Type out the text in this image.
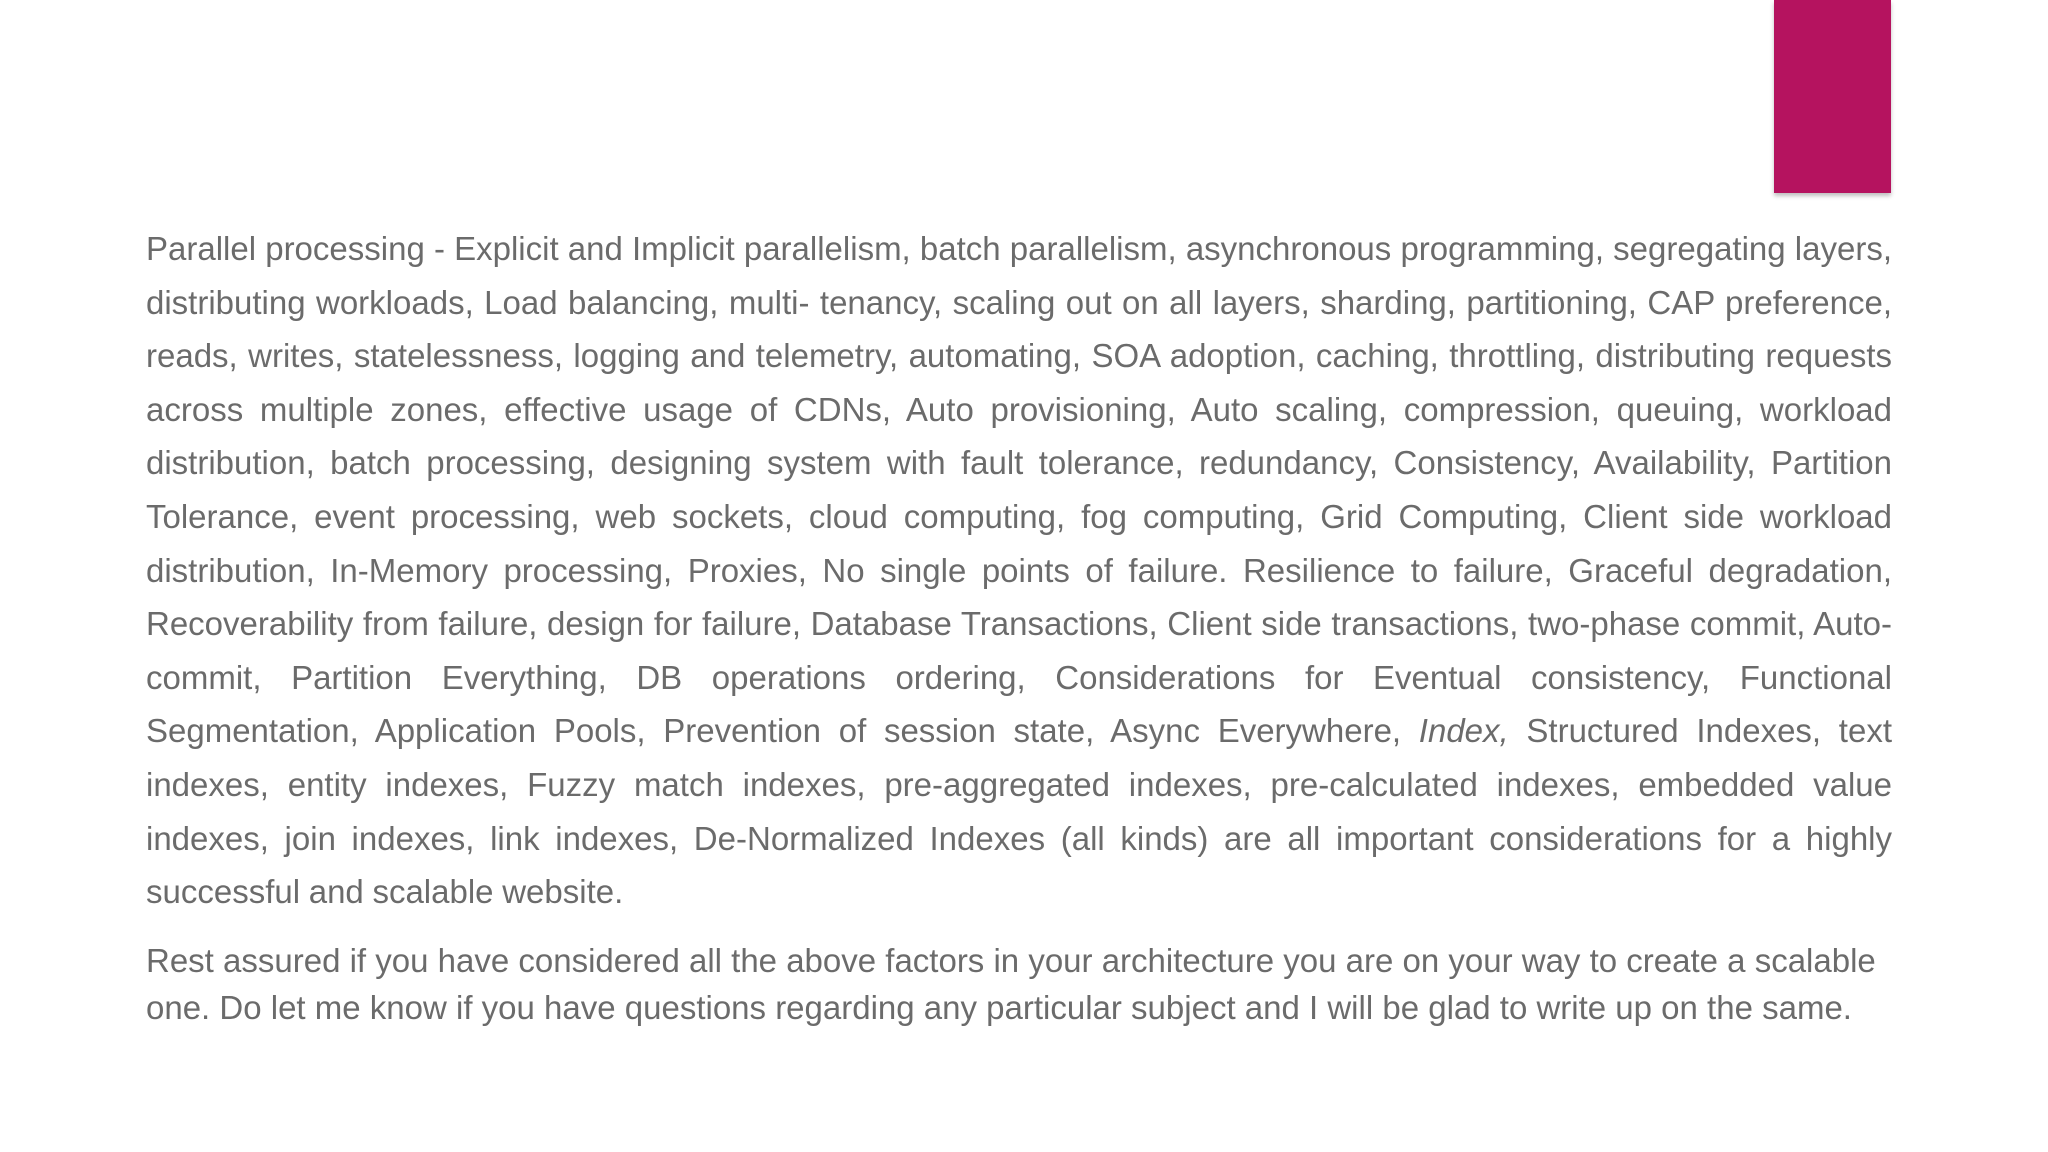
Parallel processing - Explicit and Implicit parallelism, batch parallelism, asynchronous programming, segregating layers, distributing workloads, Load balancing, multi- tenancy, scaling out on all layers, sharding, partitioning, CAP preference, reads, writes, statelessness, logging and telemetry, automating, SOA adoption, caching, throttling, distributing requests across multiple zones, effective usage of CDNs, Auto provisioning, Auto scaling, compression, queuing, workload distribution, batch processing, designing system with fault tolerance, redundancy, Consistency, Availability, Partition Tolerance, event processing, web sockets, cloud computing, fog computing, Grid Computing, Client side workload distribution, In-Memory processing, Proxies, No single points of failure. Resilience to failure, Graceful degradation, Recoverability from failure, design for failure, Database Transactions, Client side transactions, two-phase commit, Auto-commit, Partition Everything, DB operations ordering, Considerations for Eventual consistency, Functional Segmentation, Application Pools, Prevention of session state, Async Everywhere, Index, Structured Indexes, text indexes, entity indexes, Fuzzy match indexes, pre-aggregated indexes, pre-calculated indexes, embedded value indexes, join indexes, link indexes, De-Normalized Indexes (all kinds) are all important considerations for a highly successful and scalable website.

Rest assured if you have considered all the above factors in your architecture you are on your way to create a scalable one. Do let me know if you have questions regarding any particular subject and I will be glad to write up on the same.
